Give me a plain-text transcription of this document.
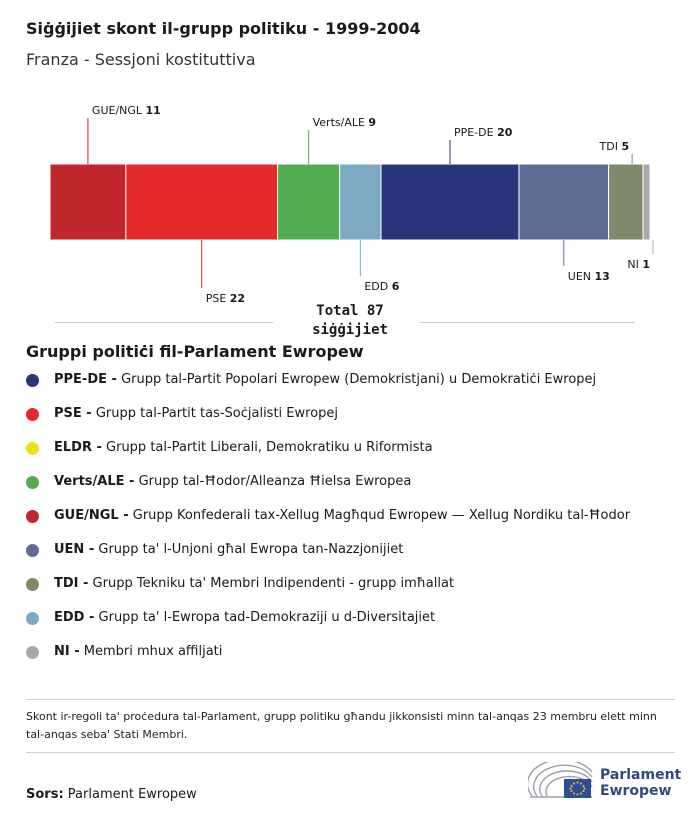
Siġġijiet skont il-grupp politiku - 1999-2004
Franza - Sessjoni kostituttiva
GUE/NGL 11
PSE 22
Verts/ALE 9
EDD 6
PPE-DE 20
UEN 13
TDI 5
NI 1
Total 87
siġġijiet
Gruppi politiċi fil-Parlament Ewropew
PPE-DE - Grupp tal-Partit Popolari Ewropew (Demokristjani) u Demokratiċi Ewropej
PSE - Grupp tal-Partit tas-Soċjalisti Ewropej
ELDR - Grupp tal-Partit Liberali, Demokratiku u Riformista
Verts/ALE - Grupp tal-Ħodor/Alleanza Ħielsa Ewropea
GUE/NGL - Grupp Konfederali tax-Xellug Magħqud Ewropew — Xellug Nordiku tal-Ħodor
UEN - Grupp ta' l-Unjoni għal Ewropa tan-Nazzjonijiet
TDI - Grupp Tekniku ta' Membri Indipendenti - grupp imħallat
EDD - Grupp ta' l-Ewropa tad-Demokraziji u d-Diversitajiet
NI - Membri mhux affiljati
Skont ir-regoli ta' proċedura tal-Parlament, grupp politiku għandu jikkonsisti minn tal-anqas 23 membru elett minn tal-anqas seba' Stati Membri.
Sors: Parlament Ewropew
Parlament
Ewropew
